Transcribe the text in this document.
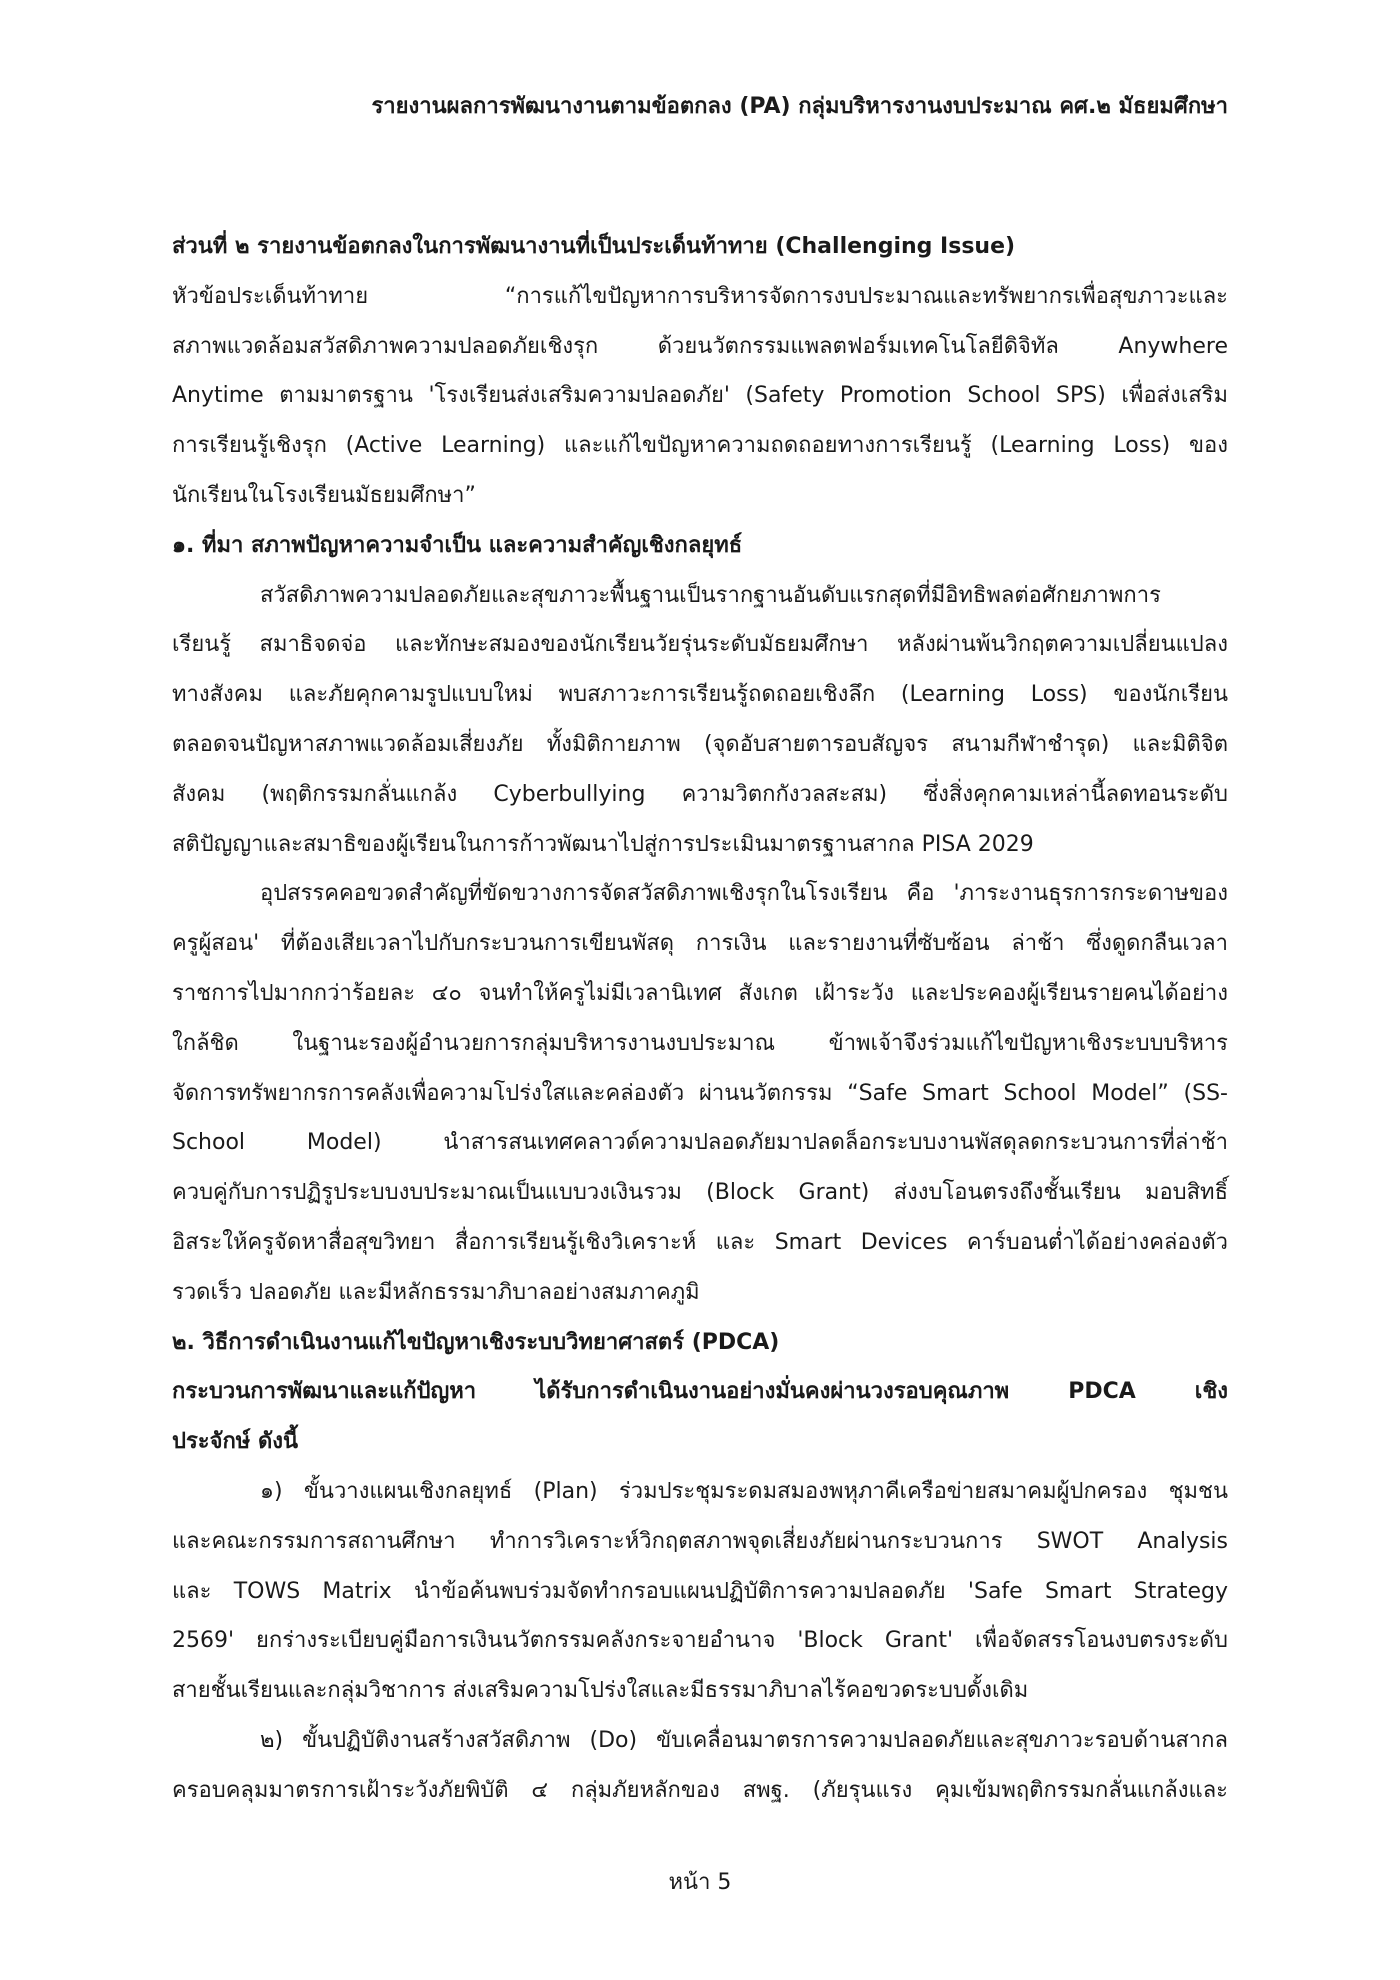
รายงานผลการพัฒนางานตามข้อตกลง (PA) กลุ่มบริหารงานงบประมาณ คศ.๒ มัธยมศึกษา
ส่วนที่ ๒ รายงานข้อตกลงในการพัฒนางานที่เป็นประเด็นท้าทาย (Challenging Issue)
หัวข้อประเด็นท้าทาย “การแก้ไขปัญหาการบริหารจัดการงบประมาณและทรัพยากรเพื่อสุขภาวะและ
สภาพแวดล้อมสวัสดิภาพความปลอดภัยเชิงรุก ด้วยนวัตกรรมแพลตฟอร์มเทคโนโลยีดิจิทัล Anywhere
Anytime ตามมาตรฐาน 'โรงเรียนส่งเสริมความปลอดภัย' (Safety Promotion School SPS) เพื่อส่งเสริม
การเรียนรู้เชิงรุก (Active Learning) และแก้ไขปัญหาความถดถอยทางการเรียนรู้ (Learning Loss) ของ
นักเรียนในโรงเรียนมัธยมศึกษา”
๑. ที่มา สภาพปัญหาความจำเป็น และความสำคัญเชิงกลยุทธ์
สวัสดิภาพความปลอดภัยและสุขภาวะพื้นฐานเป็นรากฐานอันดับแรกสุดที่มีอิทธิพลต่อศักยภาพการ
เรียนรู้ สมาธิจดจ่อ และทักษะสมองของนักเรียนวัยรุ่นระดับมัธยมศึกษา หลังผ่านพ้นวิกฤตความเปลี่ยนแปลง
ทางสังคม และภัยคุกคามรูปแบบใหม่ พบสภาวะการเรียนรู้ถดถอยเชิงลึก (Learning Loss) ของนักเรียน
ตลอดจนปัญหาสภาพแวดล้อมเสี่ยงภัย ทั้งมิติกายภาพ (จุดอับสายตารอบสัญจร สนามกีฬาชำรุด) และมิติจิต
สังคม (พฤติกรรมกลั่นแกล้ง Cyberbullying ความวิตกกังวลสะสม) ซึ่งสิ่งคุกคามเหล่านี้ลดทอนระดับ
สติปัญญาและสมาธิของผู้เรียนในการก้าวพัฒนาไปสู่การประเมินมาตรฐานสากล PISA 2029
อุปสรรคคอขวดสำคัญที่ขัดขวางการจัดสวัสดิภาพเชิงรุกในโรงเรียน คือ 'ภาระงานธุรการกระดาษของ
ครูผู้สอน' ที่ต้องเสียเวลาไปกับกระบวนการเขียนพัสดุ การเงิน และรายงานที่ซับซ้อน ล่าช้า ซึ่งดูดกลืนเวลา
ราชการไปมากกว่าร้อยละ ๔๐ จนทำให้ครูไม่มีเวลานิเทศ สังเกต เฝ้าระวัง และประคองผู้เรียนรายคนได้อย่าง
ใกล้ชิด ในฐานะรองผู้อำนวยการกลุ่มบริหารงานงบประมาณ ข้าพเจ้าจึงร่วมแก้ไขปัญหาเชิงระบบบริหาร
จัดการทรัพยากรการคลังเพื่อความโปร่งใสและคล่องตัว ผ่านนวัตกรรม “Safe Smart School Model” (SS-
School Model) นำสารสนเทศคลาวด์ความปลอดภัยมาปลดล็อกระบบงานพัสดุลดกระบวนการที่ล่าช้า
ควบคู่กับการปฏิรูประบบงบประมาณเป็นแบบวงเงินรวม (Block Grant) ส่งงบโอนตรงถึงชั้นเรียน มอบสิทธิ์
อิสระให้ครูจัดหาสื่อสุขวิทยา สื่อการเรียนรู้เชิงวิเคราะห์ และ Smart Devices คาร์บอนต่ำได้อย่างคล่องตัว
รวดเร็ว ปลอดภัย และมีหลักธรรมาภิบาลอย่างสมภาคภูมิ
๒. วิธีการดำเนินงานแก้ไขปัญหาเชิงระบบวิทยาศาสตร์ (PDCA)
กระบวนการพัฒนาและแก้ปัญหา ได้รับการดำเนินงานอย่างมั่นคงผ่านวงรอบคุณภาพ PDCA เชิง
ประจักษ์ ดังนี้
๑) ขั้นวางแผนเชิงกลยุทธ์ (Plan) ร่วมประชุมระดมสมองพหุภาคีเครือข่ายสมาคมผู้ปกครอง ชุมชน
และคณะกรรมการสถานศึกษา ทำการวิเคราะห์วิกฤตสภาพจุดเสี่ยงภัยผ่านกระบวนการ SWOT Analysis
และ TOWS Matrix นำข้อค้นพบร่วมจัดทำกรอบแผนปฏิบัติการความปลอดภัย 'Safe Smart Strategy
2569' ยกร่างระเบียบคู่มือการเงินนวัตกรรมคลังกระจายอำนาจ 'Block Grant' เพื่อจัดสรรโอนงบตรงระดับ
สายชั้นเรียนและกลุ่มวิชาการ ส่งเสริมความโปร่งใสและมีธรรมาภิบาลไร้คอขวดระบบดั้งเดิม
๒) ขั้นปฏิบัติงานสร้างสวัสดิภาพ (Do) ขับเคลื่อนมาตรการความปลอดภัยและสุขภาวะรอบด้านสากล
ครอบคลุมมาตรการเฝ้าระวังภัยพิบัติ ๔ กลุ่มภัยหลักของ สพฐ. (ภัยรุนแรง คุมเข้มพฤติกรรมกลั่นแกล้งและ
หน้า 5
